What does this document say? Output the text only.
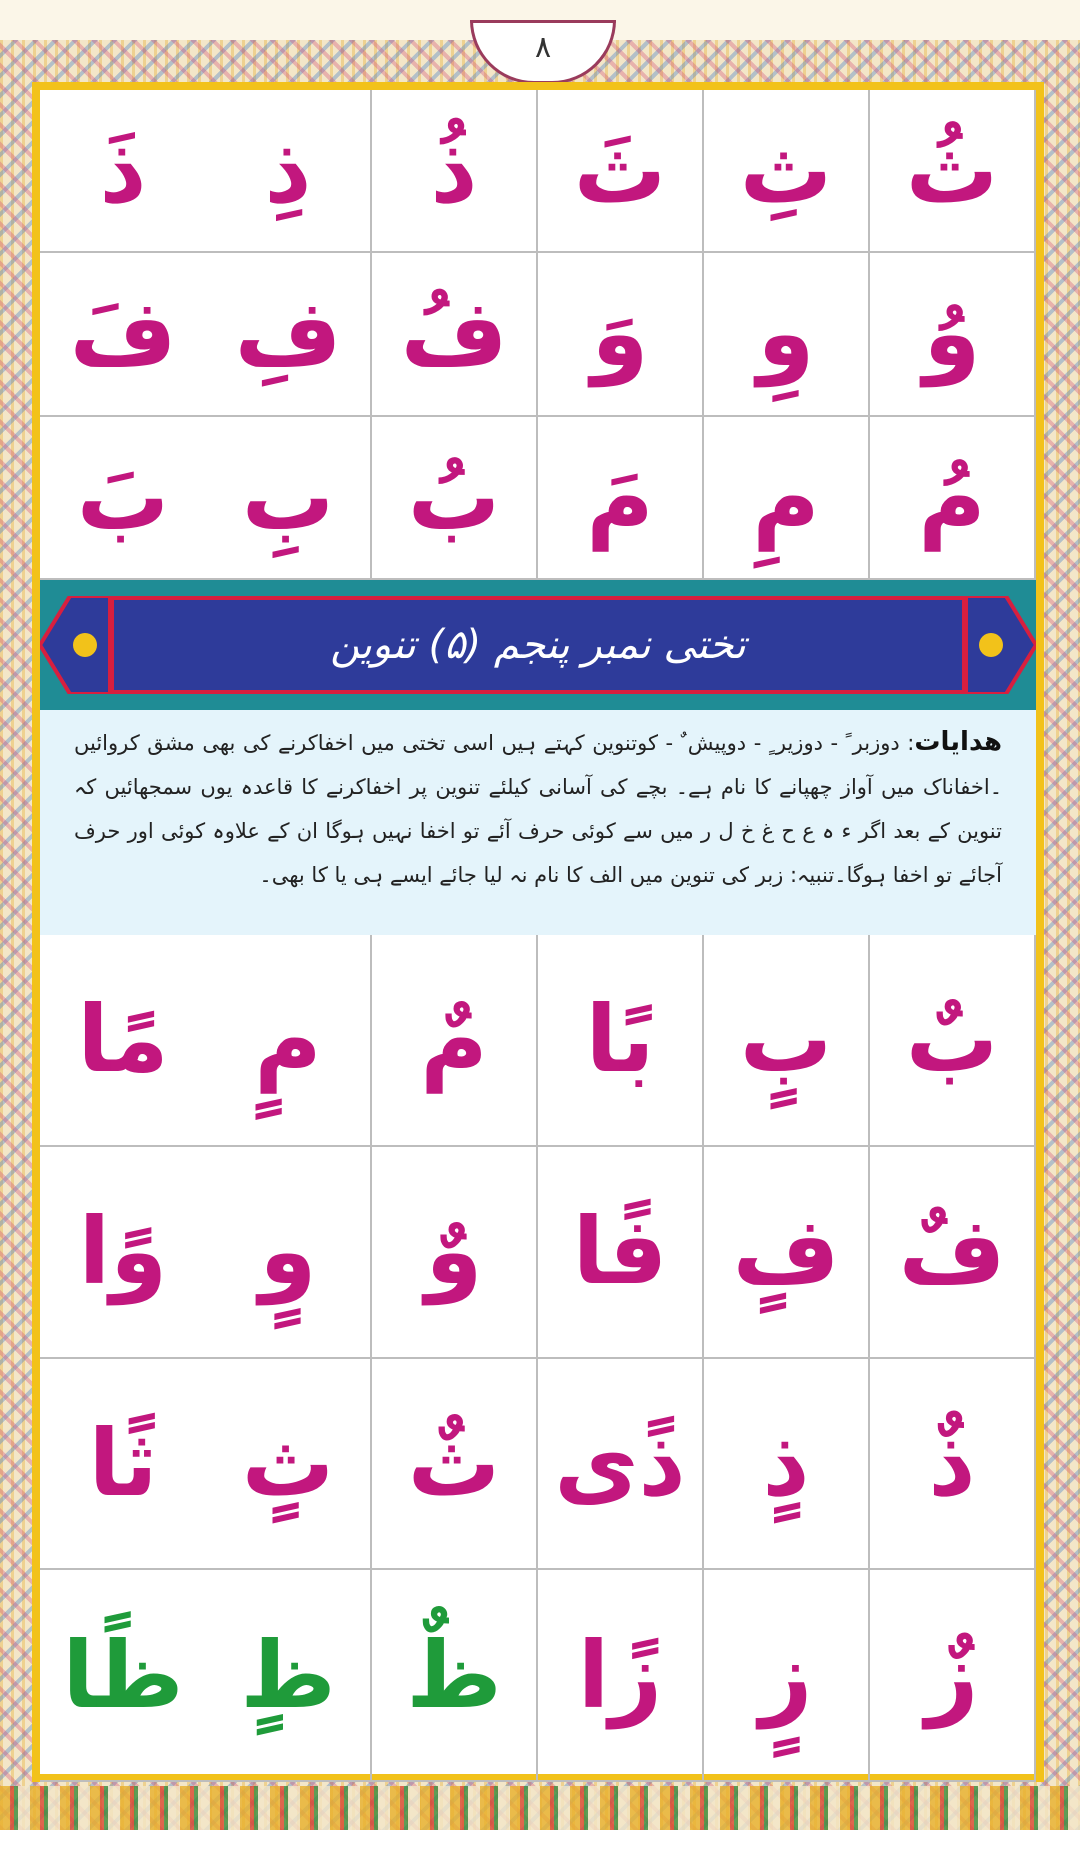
٨
ذَ	ذِ	ذُ	ثَ ثِ ثُ
فَ فِ فُ وَ	وِ	وُ
بَ بِ بُ مَ	مِ	مُ
تختی نمبر پنجم (۵) تنوین

هدایات: دوزبر ً - دوزیر ٍ - دوپیش ٌ - کوتنوین کہتے ہیں اسی تختی میں اخفاکرنے کی بھی مشق کروائیں ۔اخفاناک میں آواز چھپانے کا نام ہے۔ بچے کی آسانی کیلئے تنوین پر اخفاکرنے کا قاعدہ یوں سمجھائیں کہ تنوین کے بعد اگر ء ہ ع ح غ خ ل ر میں سے کوئی حرف آئے تو اخفا نہیں ہوگا ان کے علاوہ کوئی اور حرف آجائے تو اخفا ہوگا۔تنبیہ: زبر کی تنوین میں الف کا نام نہ لیا جائے ایسے ہی یا کا بھی۔

مًا مٍ	مٌ	بًا بٍ بٌ
وًا	وٍ	وٌ فًا فٍ فٌ
ثًا ثٍ ثٌ ذًى ذٍ	ذٌ
ظًا ظٍ ظٌ زًا	زٍ	زٌ
